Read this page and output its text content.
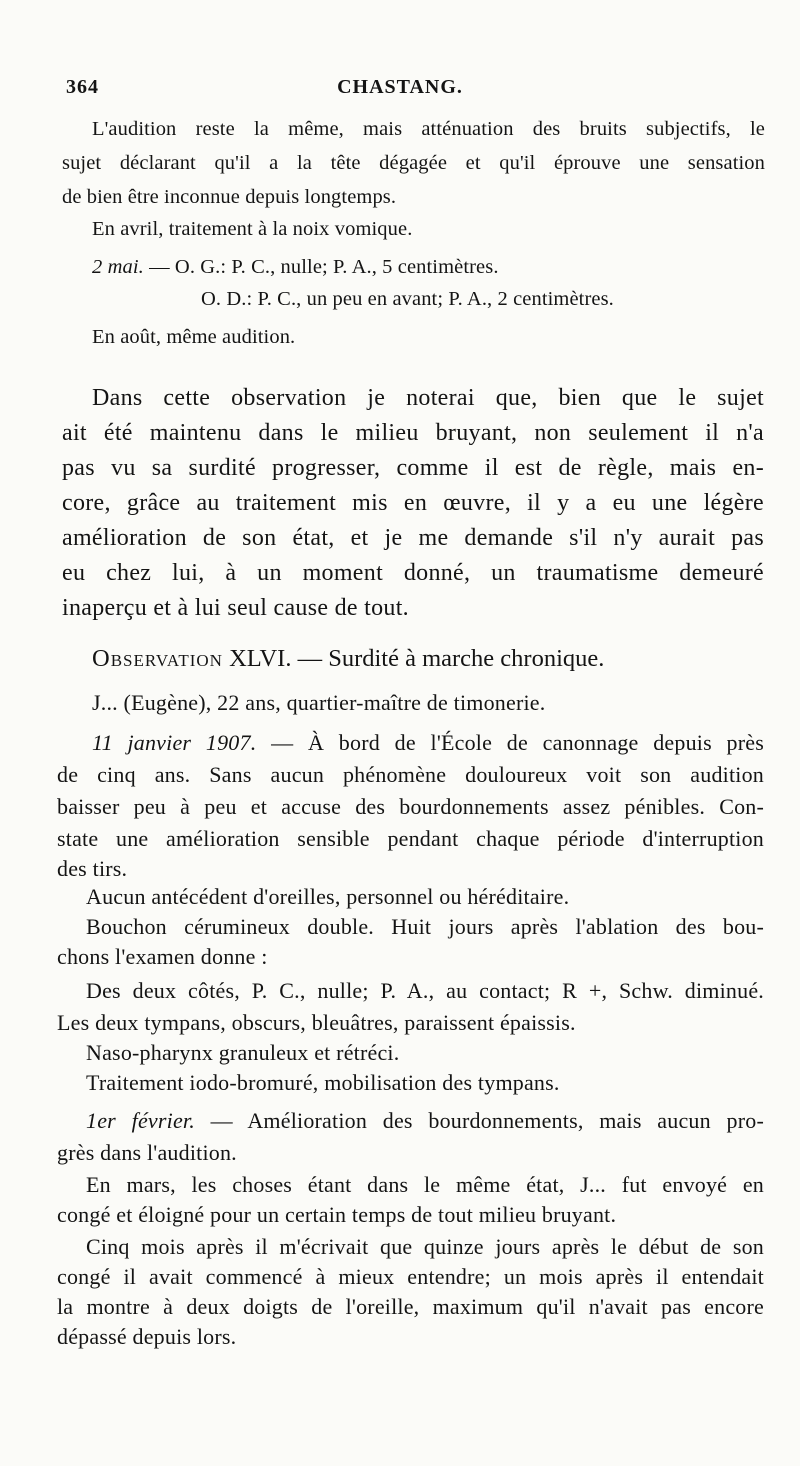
364	CHASTANG.
L'audition reste la même, mais atténuation des bruits subjectifs, le
sujet déclarant qu'il a la tête dégagée et qu'il éprouve une sensation
de bien être inconnue depuis longtemps.
En avril, traitement à la noix vomique.
2 mai. — O. G.: P. C., nulle; P. A., 5 centimètres.
O. D.: P. C., un peu en avant; P. A., 2 centimètres.
En août, même audition.
Dans cette observation je noterai que, bien que le sujet
ait été maintenu dans le milieu bruyant, non seulement il n'a
pas vu sa surdité progresser, comme il est de règle, mais en-
core, grâce au traitement mis en œuvre, il y a eu une légère
amélioration de son état, et je me demande s'il n'y aurait pas
eu chez lui, à un moment donné, un traumatisme demeuré
inaperçu et à lui seul cause de tout.
Observation XLVI. — Surdité à marche chronique.
J... (Eugène), 22 ans, quartier-maître de timonerie.
11 janvier 1907. — À bord de l'École de canonnage depuis près
de cinq ans. Sans aucun phénomène douloureux voit son audition
baisser peu à peu et accuse des bourdonnements assez pénibles. Con-
state une amélioration sensible pendant chaque période d'interruption
des tirs.
Aucun antécédent d'oreilles, personnel ou héréditaire.
Bouchon cérumineux double. Huit jours après l'ablation des bou-
chons l'examen donne :
Des deux côtés, P. C., nulle; P. A., au contact; R +, Schw. diminué.
Les deux tympans, obscurs, bleuâtres, paraissent épaissis.
Naso-pharynx granuleux et rétréci.
Traitement iodo-bromuré, mobilisation des tympans.
1er février. — Amélioration des bourdonnements, mais aucun pro-
grès dans l'audition.
En mars, les choses étant dans le même état, J... fut envoyé en
congé et éloigné pour un certain temps de tout milieu bruyant.
Cinq mois après il m'écrivait que quinze jours après le début de son
congé il avait commencé à mieux entendre; un mois après il entendait
la montre à deux doigts de l'oreille, maximum qu'il n'avait pas encore
dépassé depuis lors.
